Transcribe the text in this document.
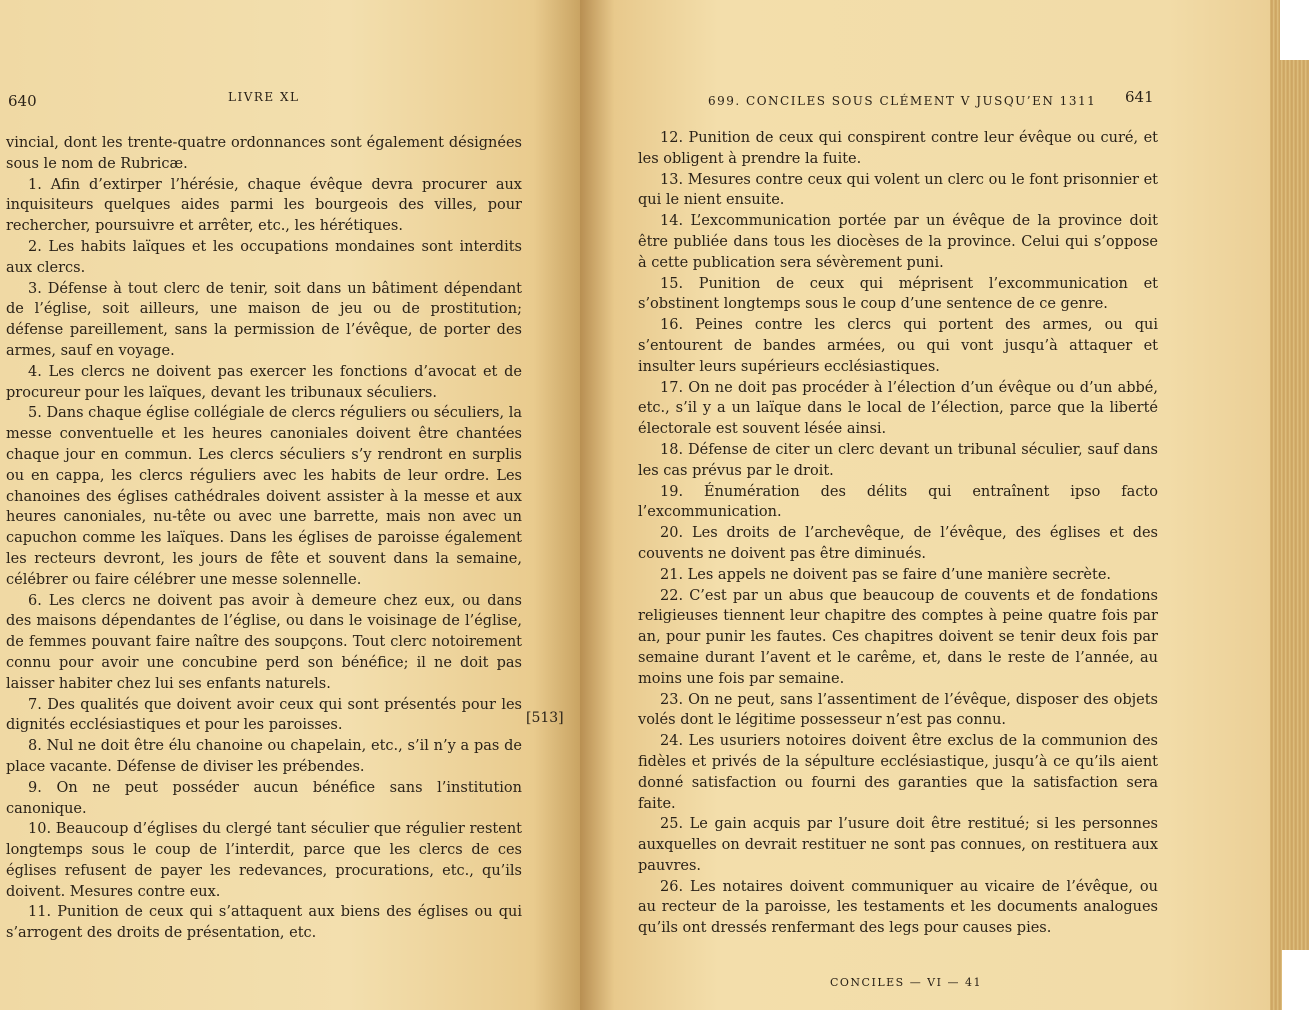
640	LIVRE XL

vincial, dont les trente-quatre ordonnances sont également désignées sous le nom de Rubricæ.

1. Afin d’extirper l’hérésie, chaque évêque devra procurer aux inquisiteurs quelques aides parmi les bourgeois des villes, pour rechercher, poursuivre et arrêter, etc., les hérétiques.

2. Les habits laïques et les occupations mondaines sont interdits aux clercs.

3. Défense à tout clerc de tenir, soit dans un bâtiment dépendant de l’église, soit ailleurs, une maison de jeu ou de prostitution; défense pareillement, sans la permission de l’évêque, de porter des armes, sauf en voyage.

4. Les clercs ne doivent pas exercer les fonctions d’avocat et de procureur pour les laïques, devant les tribunaux séculiers.

5. Dans chaque église collégiale de clercs réguliers ou séculiers, la messe conventuelle et les heures canoniales doivent être chantées chaque jour en commun. Les clercs séculiers s’y rendront en surplis ou en cappa, les clercs réguliers avec les habits de leur ordre. Les chanoines des églises cathédrales doivent assister à la messe et aux heures canoniales, nu-tête ou avec une barrette, mais non avec un capuchon comme les laïques. Dans les églises de paroisse également les recteurs devront, les jours de fête et souvent dans la semaine, célébrer ou faire célébrer une messe solennelle.

6. Les clercs ne doivent pas avoir à demeure chez eux, ou dans des maisons dépendantes de l’église, ou dans le voisinage de l’église, de femmes pouvant faire naître des soupçons. Tout clerc notoirement connu pour avoir une concubine perd son bénéfice; il ne doit pas laisser habiter chez lui ses enfants naturels.

7. Des qualités que doivent avoir ceux qui sont présentés pour les dignités ecclésiastiques et pour les paroisses.

8. Nul ne doit être élu chanoine ou chapelain, etc., s’il n’y a pas de place vacante. Défense de diviser les prébendes.

9. On ne peut posséder aucun bénéfice sans l’institution canonique.

10. Beaucoup d’églises du clergé tant séculier que régulier restent longtemps sous le coup de l’interdit, parce que les clercs de ces églises refusent de payer les redevances, procurations, etc., qu’ils doivent. Mesures contre eux.

11. Punition de ceux qui s’attaquent aux biens des églises ou qui s’arrogent des droits de présentation, etc.

[513]
699. CONCILES SOUS CLÉMENT V JUSQU’EN 1311 641

12. Punition de ceux qui conspirent contre leur évêque ou curé, et les obligent à prendre la fuite.

13. Mesures contre ceux qui volent un clerc ou le font prisonnier et qui le nient ensuite.

14. L’excommunication portée par un évêque de la province doit être publiée dans tous les diocèses de la province. Celui qui s’oppose à cette publication sera sévèrement puni.

15. Punition de ceux qui méprisent l’excommunication et s’obstinent longtemps sous le coup d’une sentence de ce genre.

16. Peines contre les clercs qui portent des armes, ou qui s’entourent de bandes armées, ou qui vont jusqu’à attaquer et insulter leurs supérieurs ecclésiastiques.

17. On ne doit pas procéder à l’élection d’un évêque ou d’un abbé, etc., s’il y a un laïque dans le local de l’élection, parce que la liberté électorale est souvent lésée ainsi.

18. Défense de citer un clerc devant un tribunal séculier, sauf dans les cas prévus par le droit.

19. Énumération des délits qui entraînent ipso facto l’excommunication.

20. Les droits de l’archevêque, de l’évêque, des églises et des couvents ne doivent pas être diminués.

21. Les appels ne doivent pas se faire d’une manière secrète.

22. C’est par un abus que beaucoup de couvents et de fondations religieuses tiennent leur chapitre des comptes à peine quatre fois par an, pour punir les fautes. Ces chapitres doivent se tenir deux fois par semaine durant l’avent et le carême, et, dans le reste de l’année, au moins une fois par semaine.

23. On ne peut, sans l’assentiment de l’évêque, disposer des objets volés dont le légitime possesseur n’est pas connu.

24. Les usuriers notoires doivent être exclus de la communion des fidèles et privés de la sépulture ecclésiastique, jusqu’à ce qu’ils aient donné satisfaction ou fourni des garanties que la satisfaction sera faite.

25. Le gain acquis par l’usure doit être restitué; si les personnes auxquelles on devrait restituer ne sont pas connues, on restituera aux pauvres.

26. Les notaires doivent communiquer au vicaire de l’évêque, ou au recteur de la paroisse, les testaments et les documents analogues qu’ils ont dressés renfermant des legs pour causes pies.

CONCILES — VI — 41
